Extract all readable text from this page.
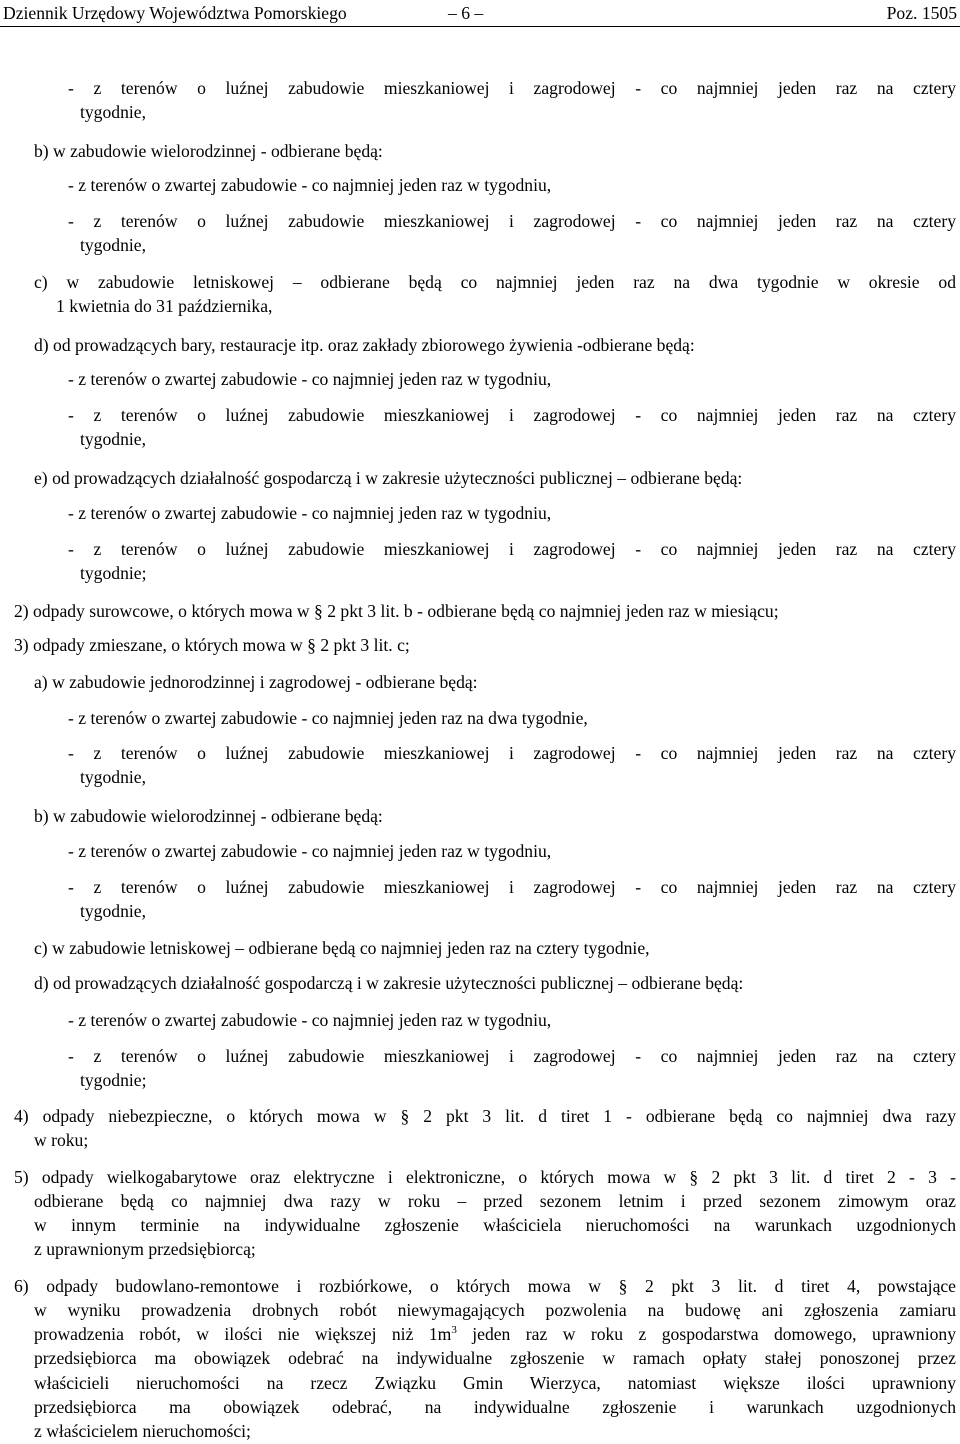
Dziennik Urzędowy Województwa Pomorskiego	– 6 –	Poz. 1505
- z terenów o luźnej zabudowie mieszkaniowej i zagrodowej - co najmniej jeden raz na cztery
tygodnie,
b) w zabudowie wielorodzinnej - odbierane będą:
- z terenów o zwartej zabudowie - co najmniej jeden raz w tygodniu,
- z terenów o luźnej zabudowie mieszkaniowej i zagrodowej - co najmniej jeden raz na cztery
tygodnie,
c) w zabudowie letniskowej – odbierane będą co najmniej jeden raz na dwa tygodnie w okresie od
1 kwietnia do 31 października,
d) od prowadzących bary, restauracje itp. oraz zakłady zbiorowego żywienia -odbierane będą:
- z terenów o zwartej zabudowie - co najmniej jeden raz w tygodniu,
- z terenów o luźnej zabudowie mieszkaniowej i zagrodowej - co najmniej jeden raz na cztery
tygodnie,
e) od prowadzących działalność gospodarczą i w zakresie użyteczności publicznej – odbierane będą:
- z terenów o zwartej zabudowie - co najmniej jeden raz w tygodniu,
- z terenów o luźnej zabudowie mieszkaniowej i zagrodowej - co najmniej jeden raz na cztery
tygodnie;
2) odpady surowcowe, o których mowa w § 2 pkt 3 lit. b - odbierane będą co najmniej jeden raz w miesiącu;
3) odpady zmieszane, o których mowa w § 2 pkt 3 lit. c;
a) w zabudowie jednorodzinnej i zagrodowej - odbierane będą:
- z terenów o zwartej zabudowie - co najmniej jeden raz na dwa tygodnie,
- z terenów o luźnej zabudowie mieszkaniowej i zagrodowej - co najmniej jeden raz na cztery
tygodnie,
b) w zabudowie wielorodzinnej - odbierane będą:
- z terenów o zwartej zabudowie - co najmniej jeden raz w tygodniu,
- z terenów o luźnej zabudowie mieszkaniowej i zagrodowej - co najmniej jeden raz na cztery
tygodnie,
c) w zabudowie letniskowej – odbierane będą co najmniej jeden raz na cztery tygodnie,
d) od prowadzących działalność gospodarczą i w zakresie użyteczności publicznej – odbierane będą:
- z terenów o zwartej zabudowie - co najmniej jeden raz w tygodniu,
- z terenów o luźnej zabudowie mieszkaniowej i zagrodowej - co najmniej jeden raz na cztery
tygodnie;
4) odpady niebezpieczne, o których mowa w § 2 pkt 3 lit. d tiret 1 - odbierane będą co najmniej dwa razy
w roku;
5) odpady wielkogabarytowe oraz elektryczne i elektroniczne, o których mowa w § 2 pkt 3 lit. d tiret 2 - 3 -
odbierane będą co najmniej dwa razy w roku – przed sezonem letnim i przed sezonem zimowym oraz
w innym terminie na indywidualne zgłoszenie właściciela nieruchomości na warunkach uzgodnionych
z uprawnionym przedsiębiorcą;
6) odpady budowlano-remontowe i rozbiórkowe, o których mowa w § 2 pkt 3 lit. d tiret 4, powstające
w wyniku prowadzenia drobnych robót niewymagających pozwolenia na budowę ani zgłoszenia zamiaru
prowadzenia robót, w ilości nie większej niż $1m^3$ jeden raz w roku z gospodarstwa domowego, uprawniony
przedsiębiorca ma obowiązek odebrać na indywidualne zgłoszenie w ramach opłaty stałej ponoszonej przez
właścicieli nieruchomości na rzecz Związku Gmin Wierzyca, natomiast większe ilości uprawniony
przedsiębiorca ma obowiązek odebrać, na indywidualne zgłoszenie i warunkach uzgodnionych
z właścicielem nieruchomości;
